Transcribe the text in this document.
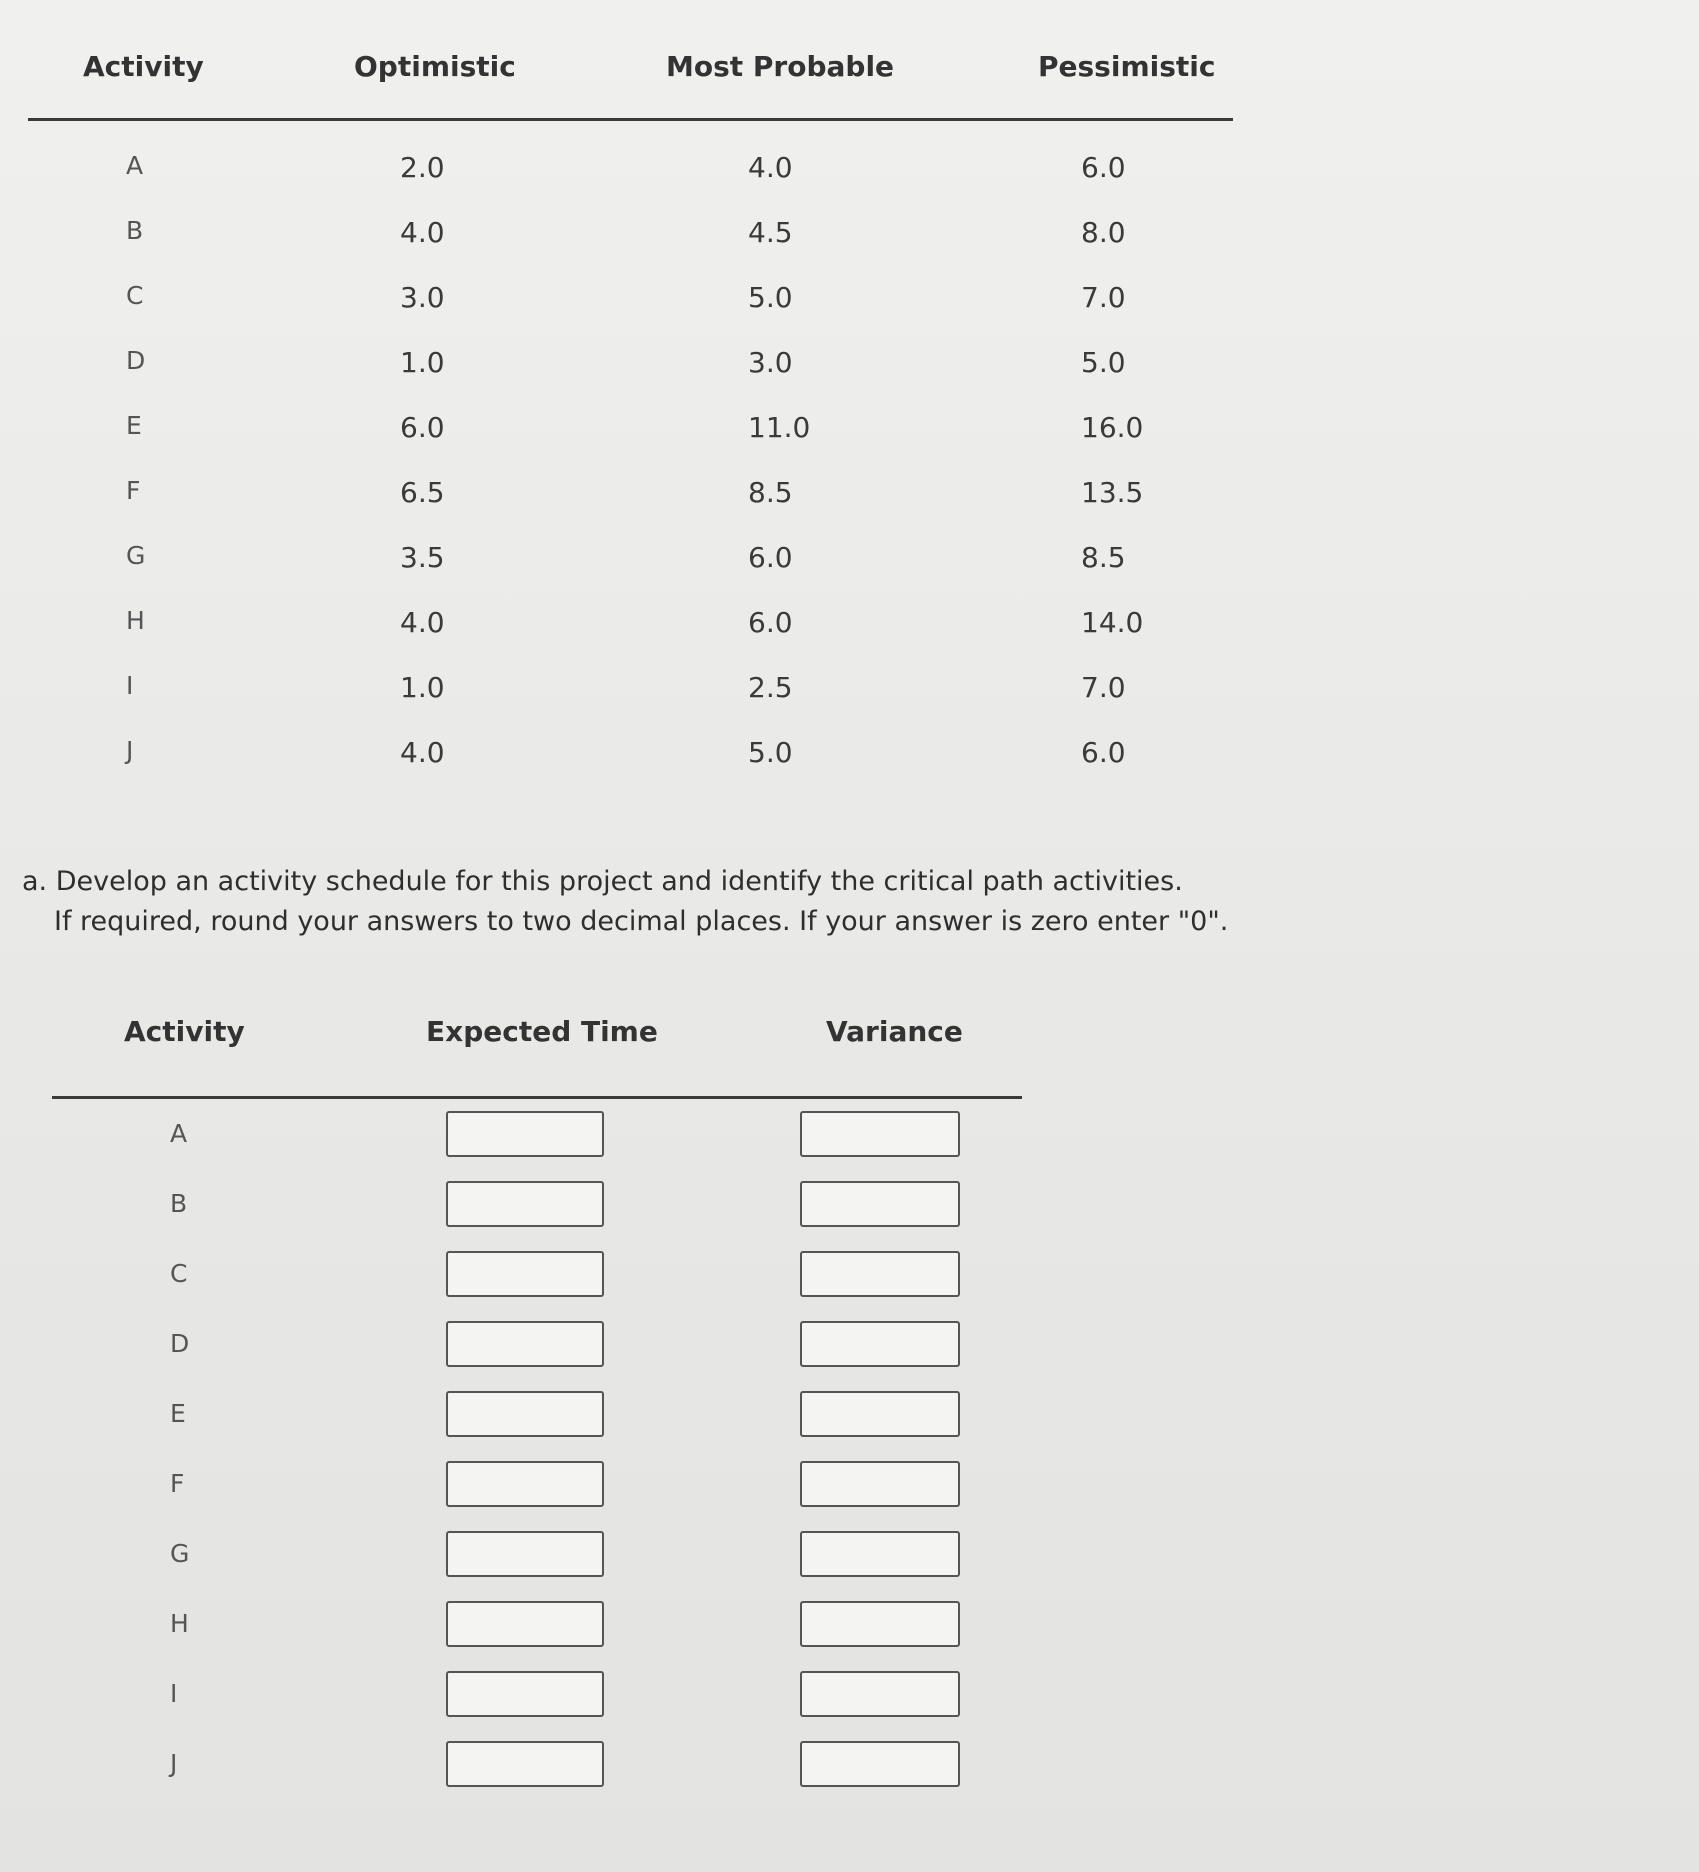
Activity	Optimistic	Most Probable	Pessimistic
A	2.0	4.0	6.0
B	4.0	4.5	8.0
C	3.0	5.0	7.0
D	1.0	3.0	5.0
E	6.0	11.0	16.0
F	6.5	8.5	13.5
G	3.5	6.0	8.5
H	4.0	6.0	14.0
I	1.0	2.5	7.0
J	4.0	5.0	6.0
a. Develop an activity schedule for this project and identify the critical path activities.
If required, round your answers to two decimal places. If your answer is zero enter "0".
Activity	Expected Time	Variance
A
B
C
D
E
F
G
H
I
J
